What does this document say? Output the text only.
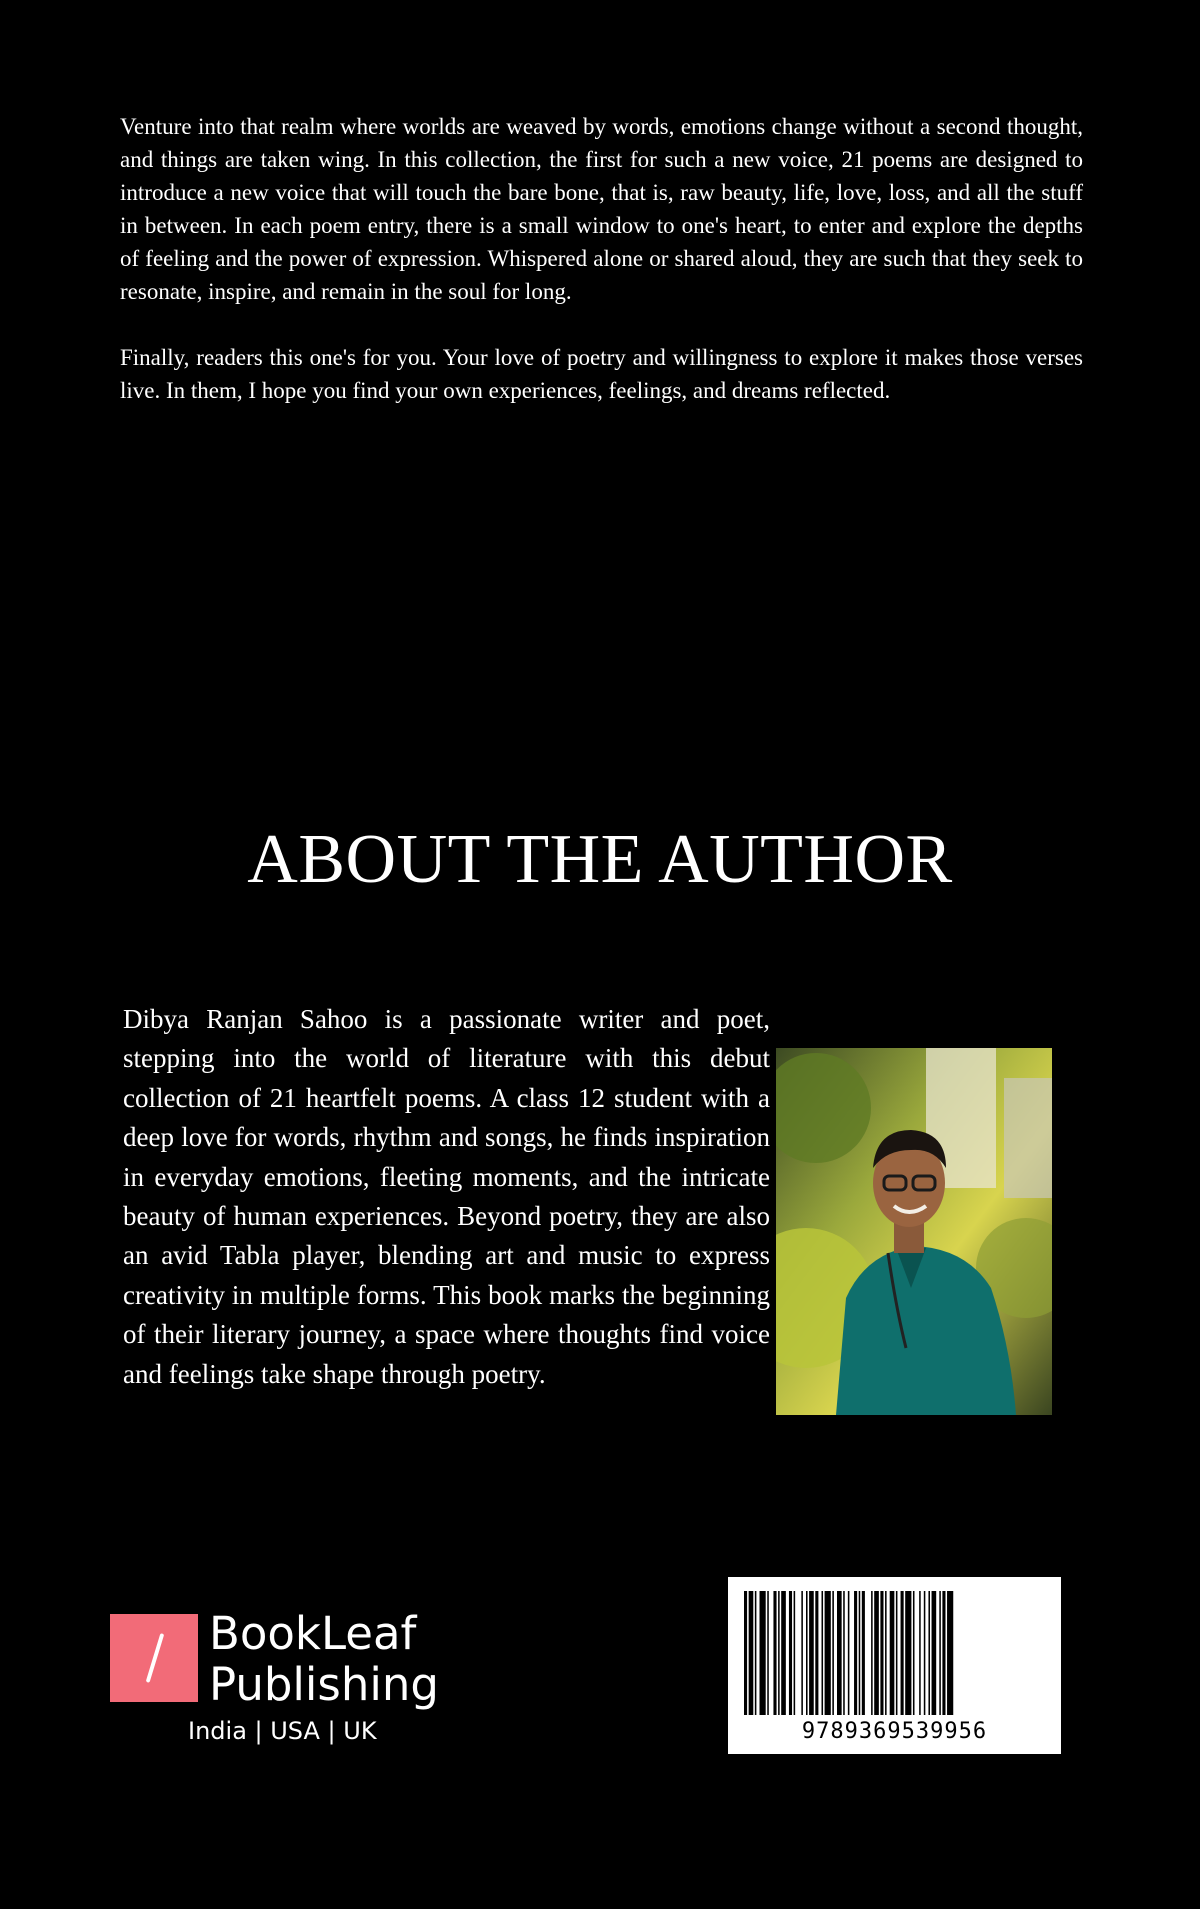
Venture into that realm where worlds are weaved by words, emotions change without a second thought, and things are taken wing. In this collection, the first for such a new voice, 21 poems are designed to introduce a new voice that will touch the bare bone, that is, raw beauty, life, love, loss, and all the stuff in between. In each poem entry, there is a small window to one's heart, to enter and explore the depths of feeling and the power of expression. Whispered alone or shared aloud, they are such that they seek to resonate, inspire, and remain in the soul for long.

Finally, readers this one's for you. Your love of poetry and willingness to explore it makes those verses live. In them, I hope you find your own experiences, feelings, and dreams reflected.

ABOUT THE AUTHOR

Dibya Ranjan Sahoo is a passionate writer and poet, stepping into the world of literature with this debut collection of 21 heartfelt poems. A class 12 student with a deep love for words, rhythm and songs, he finds inspiration in everyday emotions, fleeting moments, and the intricate beauty of human experiences. Beyond poetry, they are also an avid Tabla player, blending art and music to express creativity in multiple forms. This book marks the beginning of their literary journey, a space where thoughts find voice and feelings take shape through poetry.

BookLeaf
Publishing
India | USA | UK	9789369539956
